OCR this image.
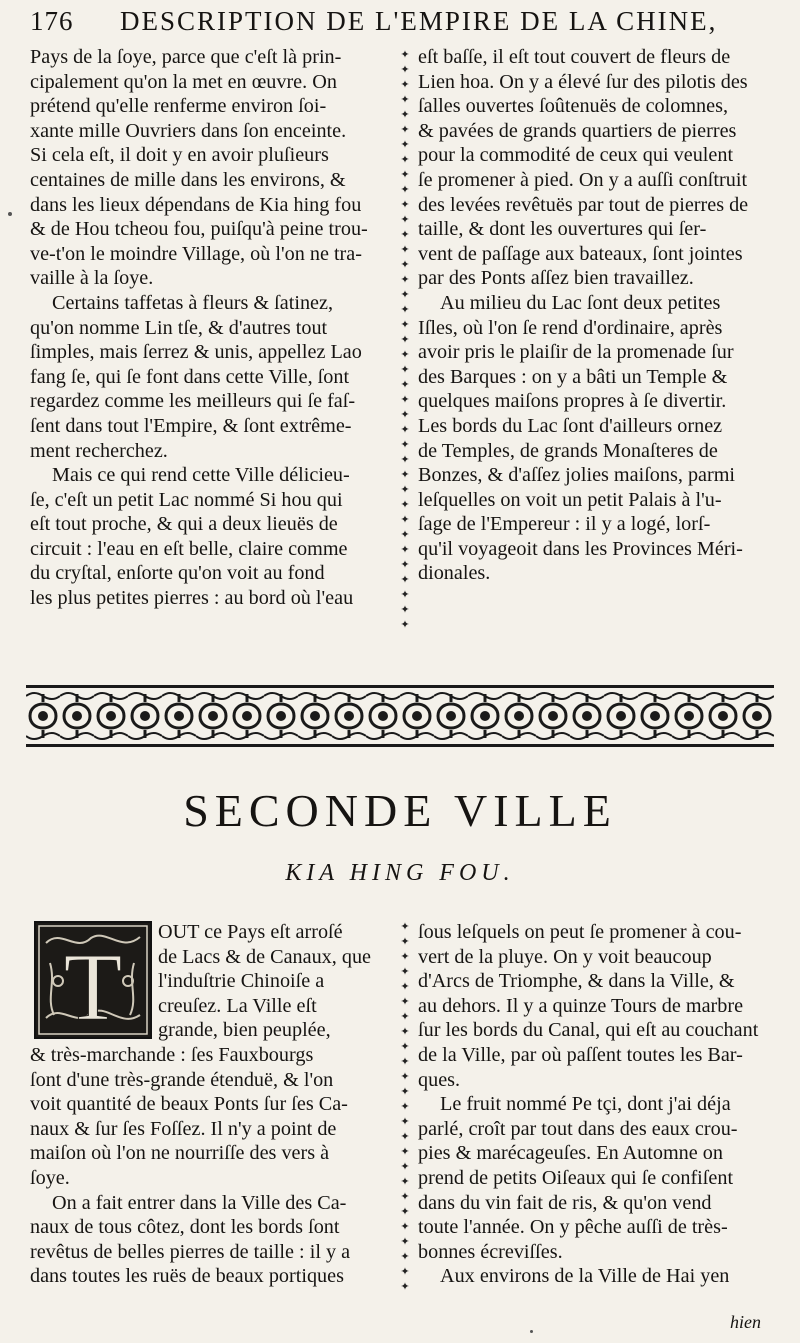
176 DESCRIPTION DE L'EMPIRE DE LA CHINE,
Pays de la ſoye, parce que c'eſt là prin-
cipalement qu'on la met en œuvre. On
prétend qu'elle renferme environ ſoi-
xante mille Ouvriers dans ſon enceinte.
Si cela eſt, il doit y en avoir pluſieurs
centaines de mille dans les environs, &
dans les lieux dépendans de Kia hing fou
& de Hou tcheou fou, puiſqu'à peine trou-
ve-t'on le moindre Village, où l'on ne tra-
vaille à la ſoye.
Certains taffetas à fleurs & ſatinez,
qu'on nomme Lin tſe, & d'autres tout
ſimples, mais ſerrez & unis, appellez Lao
fang ſe, qui ſe font dans cette Ville, ſont
regardez comme les meilleurs qui ſe faſ-
ſent dans tout l'Empire, & ſont extrême-
ment recherchez.
Mais ce qui rend cette Ville délicieu-
ſe, c'eſt un petit Lac nommé Si hou qui
eſt tout proche, & qui a deux lieuës de
circuit : l'eau en eſt belle, claire comme
du cryſtal, enſorte qu'on voit au fond
les plus petites pierres : au bord où l'eau
✦
✦
✦
✦
✦
✦
✦
✦
✦
✦
✦
✦
✦
✦
✦
✦
✦
✦
✦
✦
✦
✦
✦
✦
✦
✦
✦
✦
✦
✦
✦
✦
✦
✦
✦
✦
✦
✦
✦
eſt baſſe, il eſt tout couvert de fleurs de
Lien hoa. On y a élevé ſur des pilotis des
ſalles ouvertes ſoûtenuës de colomnes,
& pavées de grands quartiers de pierres
pour la commodité de ceux qui veulent
ſe promener à pied. On y a auſſi conſtruit
des levées revêtuës par tout de pierres de
taille, & dont les ouvertures qui ſer-
vent de paſſage aux bateaux, ſont jointes
par des Ponts aſſez bien travaillez.
Au milieu du Lac ſont deux petites
Iſles, où l'on ſe rend d'ordinaire, après
avoir pris le plaiſir de la promenade ſur
des Barques : on y a bâti un Temple &
quelques maiſons propres à ſe divertir.
Les bords du Lac ſont d'ailleurs ornez
de Temples, de grands Monaſteres de
Bonzes, & d'aſſez jolies maiſons, parmi
leſquelles on voit un petit Palais à l'u-
ſage de l'Empereur : il y a logé, lorſ-
qu'il voyageoit dans les Provinces Méri-
dionales.
SECONDE VILLE
KIA HING FOU.
T
OUT ce Pays eſt arroſé
de Lacs & de Canaux, que
l'induſtrie Chinoiſe a
creuſez. La Ville eſt
grande, bien peuplée,
& très-marchande : ſes Fauxbourgs
ſont d'une très-grande étenduë, & l'on
voit quantité de beaux Ponts ſur ſes Ca-
naux & ſur ſes Foſſez. Il n'y a point de
maiſon où l'on ne nourriſſe des vers à
ſoye.
On a fait entrer dans la Ville des Ca-
naux de tous côtez, dont les bords ſont
revêtus de belles pierres de taille : il y a
dans toutes les ruës de beaux portiques
✦
✦
✦
✦
✦
✦
✦
✦
✦
✦
✦
✦
✦
✦
✦
✦
✦
✦
✦
✦
✦
✦
✦
✦
✦
ſous leſquels on peut ſe promener à cou-
vert de la pluye. On y voit beaucoup
d'Arcs de Triomphe, & dans la Ville, &
au dehors. Il y a quinze Tours de marbre
ſur les bords du Canal, qui eſt au couchant
de la Ville, par où paſſent toutes les Bar-
ques.
Le fruit nommé Pe tçi, dont j'ai déja
parlé, croît par tout dans des eaux crou-
pies & marécageuſes. En Automne on
prend de petits Oiſeaux qui ſe confiſent
dans du vin fait de ris, & qu'on vend
toute l'année. On y pêche auſſi de très-
bonnes écreviſſes.
Aux environs de la Ville de Hai yen
hien
